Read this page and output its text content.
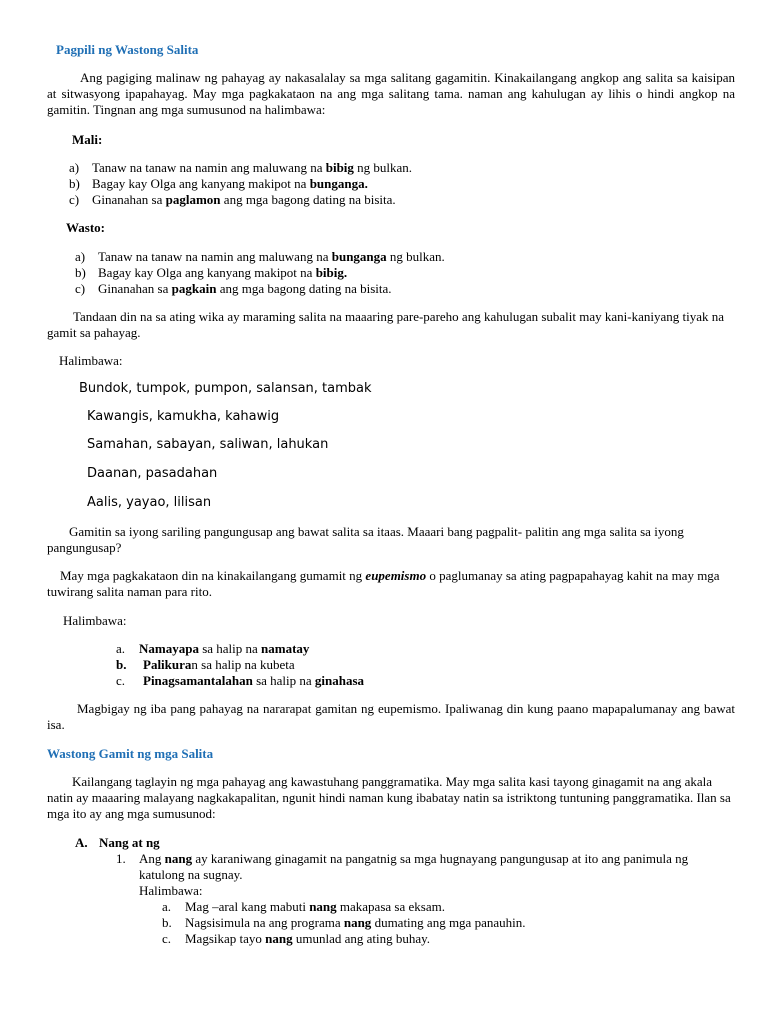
Pagpili ng Wastong Salita
Ang pagiging malinaw ng pahayag ay nakasalalay sa mga salitang gagamitin. Kinakailangang angkop ang salita sa kaisipan at sitwasyong ipapahayag. May mga pagkakataon na ang mga salitang tama. naman ang kahulugan ay lihis o hindi angkop na gamitin. Tingnan ang mga sumusunod na halimbawa:
Mali:
a) Tanaw na tanaw na namin ang maluwang na bibig ng bulkan.
b) Bagay kay Olga ang kanyang makipot na bunganga.
c) Ginanahan sa paglamon ang mga bagong dating na bisita.
Wasto:
a) Tanaw na tanaw na namin ang maluwang na bunganga ng bulkan.
b) Bagay kay Olga ang kanyang makipot na bibig.
c) Ginanahan sa pagkain ang mga bagong dating na bisita.
Tandaan din na sa ating wika ay maraming salita na maaaring pare-pareho ang kahulugan subalit may kani-kaniyang tiyak na gamit sa pahayag.
Halimbawa:
Bundok, tumpok, pumpon, salansan, tambak
Kawangis, kamukha, kahawig
Samahan, sabayan, saliwan, lahukan
Daanan, pasadahan
Aalis, yayao, lilisan
Gamitin sa iyong sariling pangungusap ang bawat salita sa itaas. Maaari bang pagpalit- palitin ang mga salita sa iyong pangungusap?
May mga pagkakataon din na kinakailangang gumamit ng eupemismo o paglumanay sa ating pagpapahayag kahit na may mga tuwirang salita naman para rito.
Halimbawa:
a. Namayapa sa halip na namatay
b. Palikuran sa halip na kubeta
c. Pinagsamantalahan sa halip na ginahasa
Magbigay ng iba pang pahayag na nararapat gamitan ng eupemismo. Ipaliwanag din kung paano mapapalumanay ang bawat isa.
Wastong Gamit ng mga Salita
Kailangang taglayin ng mga pahayag ang kawastuhang panggramatika. May mga salita kasi tayong ginagamit na ang akala natin ay maaaring malayang nagkakapalitan, ngunit hindi naman kung ibabatay natin sa istriktong tuntuning panggramatika. Ilan sa mga ito ay ang mga sumusunod:
A. Nang at ng
1. Ang nang ay karaniwang ginagamit na pangatnig sa mga hugnayang pangungusap at ito ang panimula ng katulong na sugnay.
Halimbawa:
a. Mag –aral kang mabuti nang makapasa sa eksam.
b. Nagsisimula na ang programa nang dumating ang mga panauhin.
c. Magsikap tayo nang umunlad ang ating buhay.
